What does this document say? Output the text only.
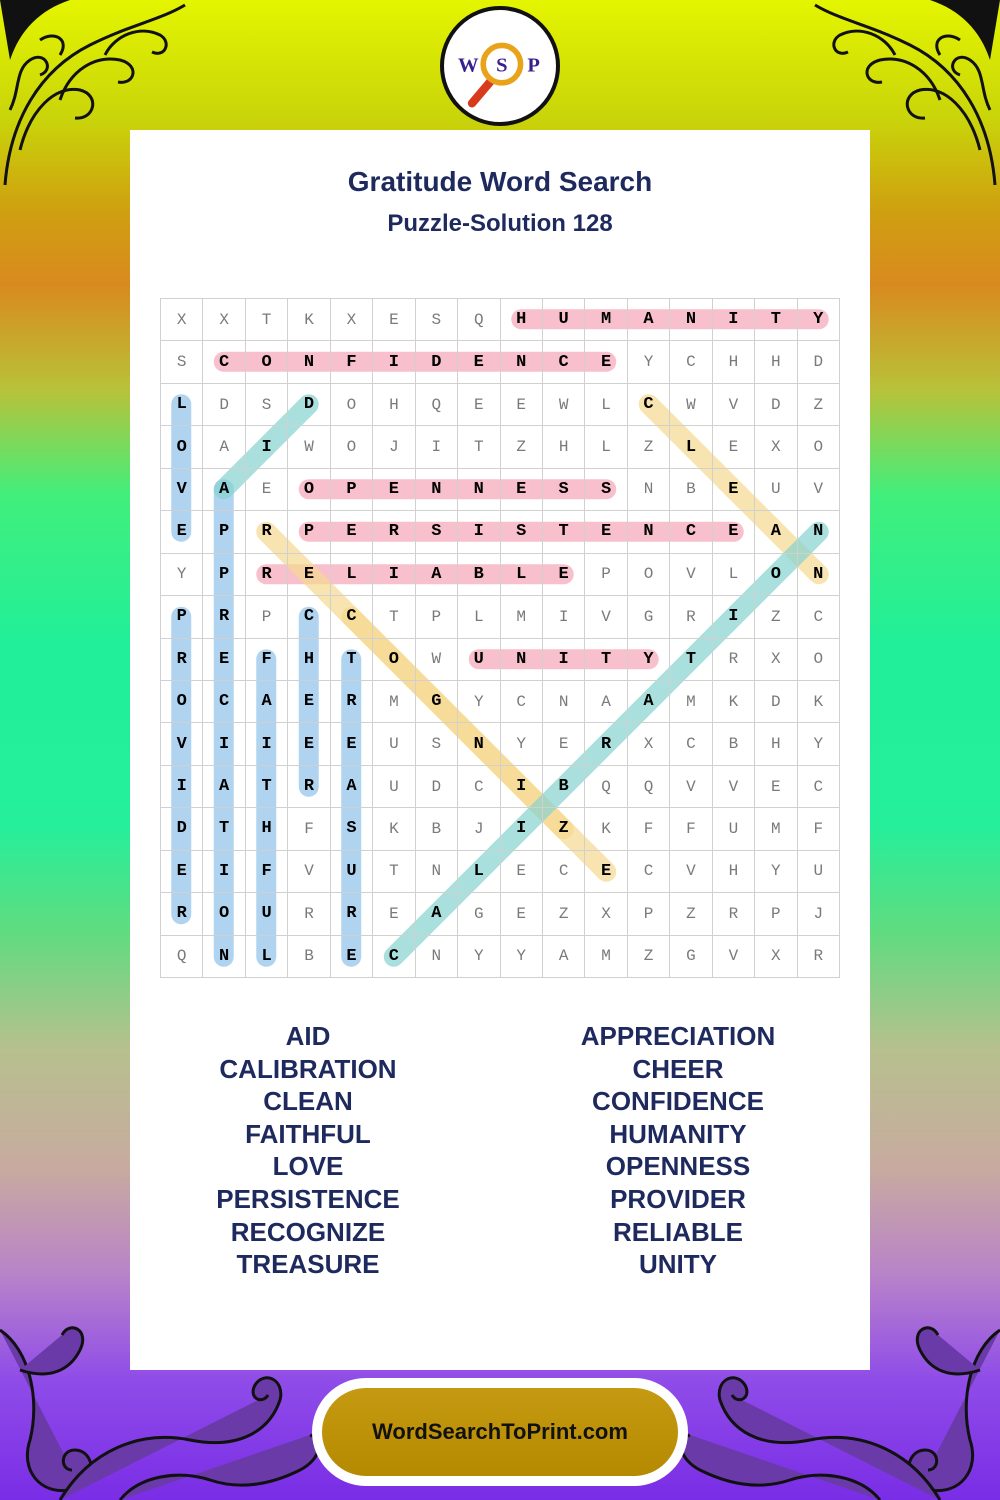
W S P
Gratitude Word Search
Puzzle-Solution 128
X	X	T	K	X	E	S	Q	H	U	M	A	N	I	T	Y
S	C	O	N	F	I	D	E	N	C	E	Y	C	H	H	D
L	D	S	D	O	H	Q	E	E	W	L	C	W	V	D	Z
O	A	I	W	O	J	I	T	Z	H	L	Z	L	E	X	O
V	A	E	O	P	E	N	N	E	S	S	N	B	E	U	V
E	P	R	P	E	R	S	I	S	T	E	N	C	E	A	N
Y	P	R	E	L	I	A	B	L	E	P	O	V	L	O	N
P	R	P	C	C	T	P	L	M	I	V	G	R	I	Z	C
R	E	F	H	T	O	W	U	N	I	T	Y	T	R	X	O
O	C	A	E	R	M	G	Y	C	N	A	A	M	K	D	K
V	I	I	E	E	U	S	N	Y	E	R	X	C	B	H	Y
I	A	T	R	A	U	D	C	I	B	Q	Q	V	V	E	C
D	T	H	F	S	K	B	J	I	Z	K	F	F	U	M	F
E	I	F	V	U	T	N	L	E	C	E	C	V	H	Y	U
R	O	U	R	R	E	A	G	E	Z	X	P	Z	R	P	J
Q	N	L	B	E	C	N	Y	Y	A	M	Z	G	V	X	R
AID
CALIBRATION
CLEAN
FAITHFUL
LOVE
PERSISTENCE
RECOGNIZE
TREASURE
APPRECIATION
CHEER
CONFIDENCE
HUMANITY
OPENNESS
PROVIDER
RELIABLE
UNITY
WordSearchToPrint.com
